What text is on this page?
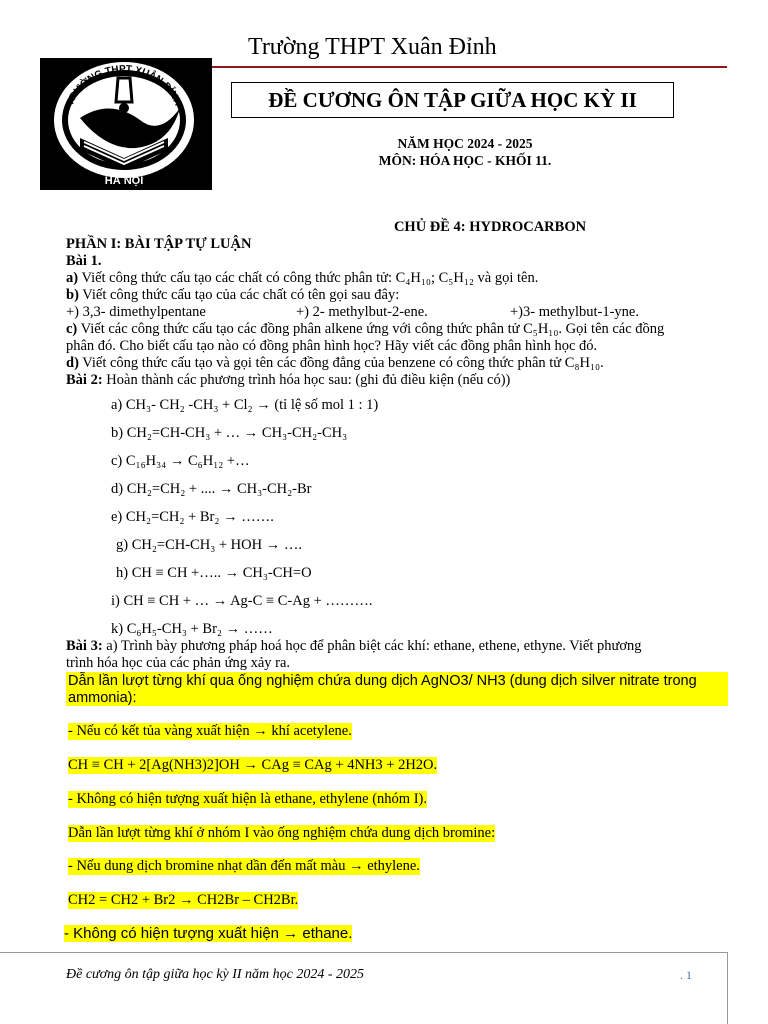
Trường THPT Xuân Đỉnh
HÀ NỘI
TRƯỜNG THPT XUÂN ĐỈNH	ĐỀ CƯƠNG ÔN TẬP GIỮA HỌC KỲ II
NĂM HỌC 2024 - 2025
MÔN: HÓA HỌC - KHỐI 11.
CHỦ ĐỀ 4: HYDROCARBON
PHẦN I: BÀI TẬP TỰ LUẬN
Bài 1.
a) Viết công thức cấu tạo các chất có công thức phân tử: C₄H₁₀; C₅H₁₂ và gọi tên.
b) Viết công thức cấu tạo của các chất có tên gọi sau đây:
+) 3,3- dimethylpentane	+) 2- methylbut-2-ene.	+)3- methylbut-1-yne.
c) Viết các công thức cấu tạo các đồng phân alkene ứng với công thức phân tử C₅H₁₀. Gọi tên các đồng
phân đó. Cho biết cấu tạo nào có đồng phân hình học? Hãy viết các đồng phân hình học đó.
d) Viết công thức cấu tạo và gọi tên các đồng đẳng của benzene có công thức phân tử C₈H₁₀.
Bài 2: Hoàn thành các phương trình hóa học sau: (ghi đủ điều kiện (nếu có))
a) CH₃- CH₂ -CH₃ + Cl₂ → (tỉ lệ số mol 1 : 1)
b) CH₂=CH-CH₃ + … → CH₃-CH₂-CH₃
c) C₁₆H₃₄ → C₆H₁₂ +…
d) CH₂=CH₂ + .... → CH₃-CH₂-Br
e) CH₂=CH₂ + Br₂ → …….
g) CH₂=CH-CH₃ + HOH → ….
h) CH ≡ CH +….. → CH₃-CH=O
i) CH ≡ CH + … → Ag-C ≡ C-Ag + ……….
k) C₆H₅-CH₃ + Br₂ → ……
Bài 3: a) Trình bày phương pháp hoá học để phân biệt các khí: ethane, ethene, ethyne. Viết phương
trình hóa học của các phản ứng xảy ra.
Dẫn lần lượt từng khí qua ống nghiệm chứa dung dịch AgNO3/ NH3 (dung dịch silver nitrate trong
ammonia):
- Nếu có kết tủa vàng xuất hiện → khí acetylene.
CH ≡ CH + 2[Ag(NH3)2]OH → CAg ≡ CAg + 4NH3 + 2H2O.
- Không có hiện tượng xuất hiện là ethane, ethylene (nhóm I).
Dẫn lần lượt từng khí ở nhóm I vào ống nghiệm chứa dung dịch bromine:
- Nếu dung dịch bromine nhạt dần đến mất màu → ethylene.
CH2 = CH2 + Br2 → CH2Br – CH2Br.
- Không có hiện tượng xuất hiện → ethane.
Đề cương ôn tập giữa học kỳ II năm học 2024 - 2025	. 1
